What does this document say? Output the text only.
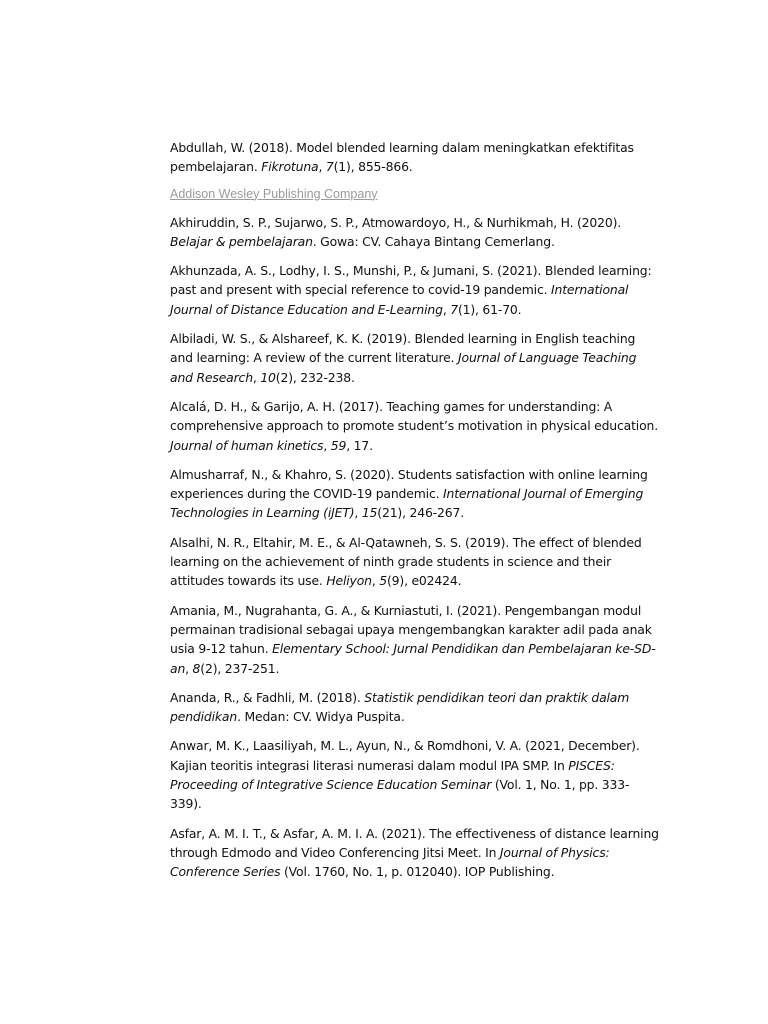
Abdullah, W. (2018). Model blended learning dalam meningkatkan efektifitas pembelajaran. Fikrotuna, 7(1), 855-866.
Addison Wesley Publishing Company
Akhiruddin, S. P., Sujarwo, S. P., Atmowardoyo, H., & Nurhikmah, H. (2020). Belajar & pembelajaran. Gowa: CV. Cahaya Bintang Cemerlang.
Akhunzada, A. S., Lodhy, I. S., Munshi, P., & Jumani, S. (2021). Blended learning: past and present with special reference to covid-19 pandemic. International Journal of Distance Education and E-Learning, 7(1), 61-70.
Albiladi, W. S., & Alshareef, K. K. (2019). Blended learning in English teaching and learning: A review of the current literature. Journal of Language Teaching and Research, 10(2), 232-238.
Alcalá, D. H., & Garijo, A. H. (2017). Teaching games for understanding: A comprehensive approach to promote student’s motivation in physical education. Journal of human kinetics, 59, 17.
Almusharraf, N., & Khahro, S. (2020). Students satisfaction with online learning experiences during the COVID-19 pandemic. International Journal of Emerging Technologies in Learning (iJET), 15(21), 246-267.
Alsalhi, N. R., Eltahir, M. E., & Al-Qatawneh, S. S. (2019). The effect of blended learning on the achievement of ninth grade students in science and their attitudes towards its use. Heliyon, 5(9), e02424.
Amania, M., Nugrahanta, G. A., & Kurniastuti, I. (2021). Pengembangan modul permainan tradisional sebagai upaya mengembangkan karakter adil pada anak usia 9-12 tahun. Elementary School: Jurnal Pendidikan dan Pembelajaran ke-SD-an, 8(2), 237-251.
Ananda, R., & Fadhli, M. (2018). Statistik pendidikan teori dan praktik dalam pendidikan. Medan: CV. Widya Puspita.
Anwar, M. K., Laasiliyah, M. L., Ayun, N., & Romdhoni, V. A. (2021, December). Kajian teoritis integrasi literasi numerasi dalam modul IPA SMP. In PISCES: Proceeding of Integrative Science Education Seminar (Vol. 1, No. 1, pp. 333-339).
Asfar, A. M. I. T., & Asfar, A. M. I. A. (2021). The effectiveness of distance learning through Edmodo and Video Conferencing Jitsi Meet. In Journal of Physics: Conference Series (Vol. 1760, No. 1, p. 012040). IOP Publishing.
